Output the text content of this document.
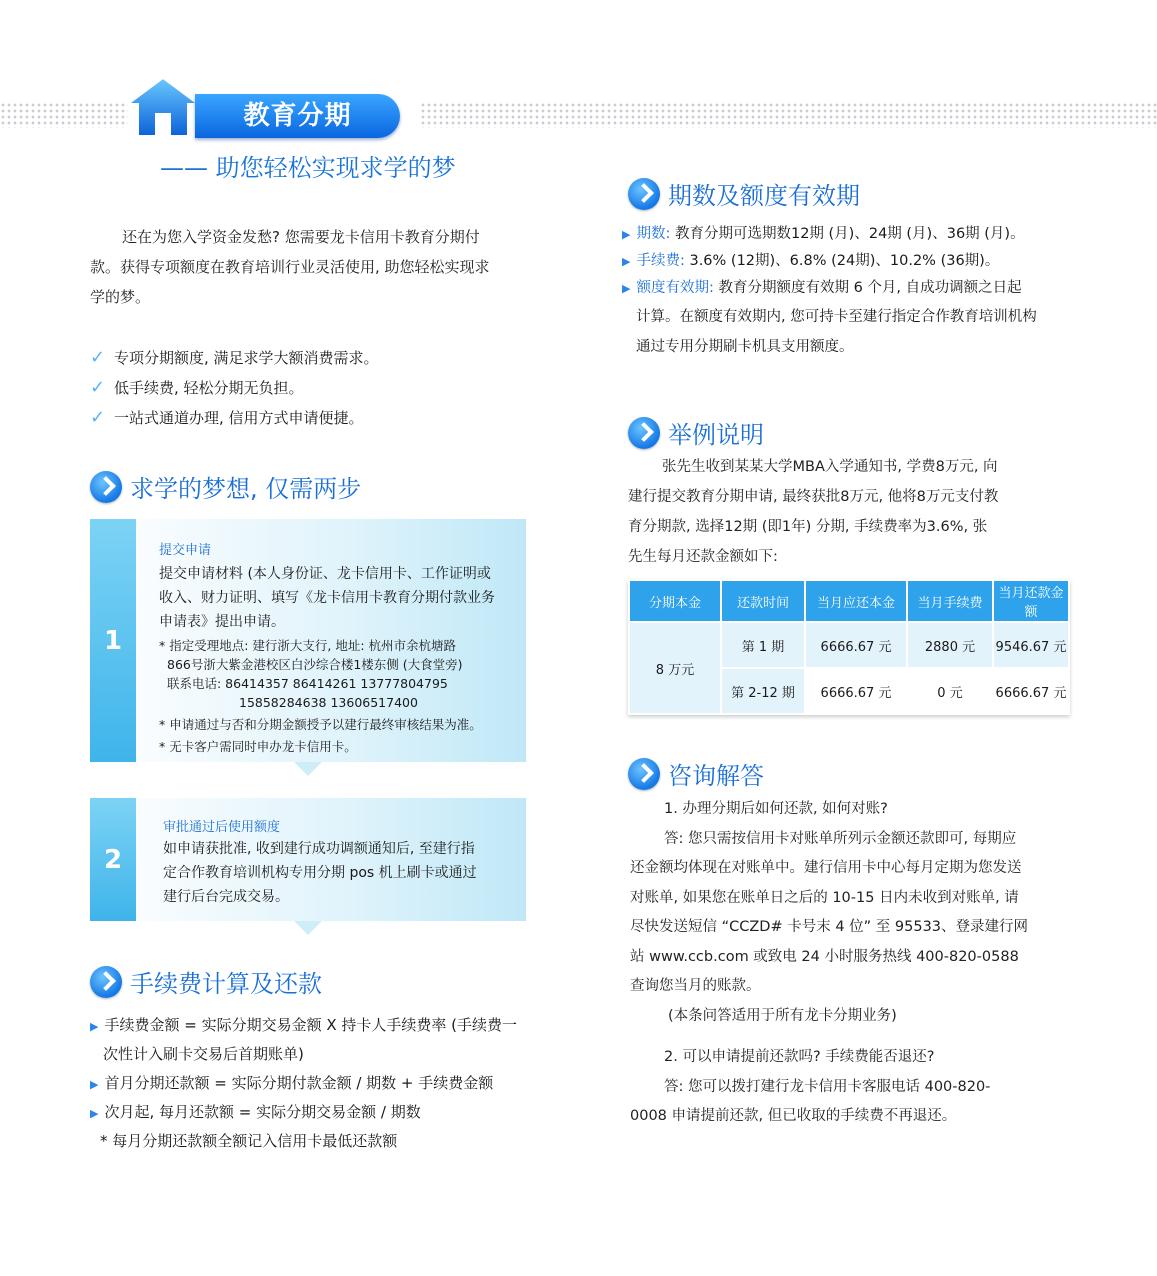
教育分期
—— 助您轻松实现求学的梦
还在为您入学资金发愁? 您需要龙卡信用卡教育分期付
款。获得专项额度在教育培训行业灵活使用, 助您轻松实现求
学的梦。
✓ 专项分期额度, 满足求学大额消费需求。
✓ 低手续费, 轻松分期无负担。
✓ 一站式通道办理, 信用方式申请便捷。
求学的梦想, 仅需两步
1
提交申请
提交申请材料 (本人身份证、龙卡信用卡、工作证明或
收入、财力证明、填写《龙卡信用卡教育分期付款业务
申请表》提出申请。
* 指定受理地点: 建行浙大支行, 地址: 杭州市余杭塘路
866号浙大紫金港校区白沙综合楼1楼东侧 (大食堂旁)
联系电话: 86414357 86414261 13777804795
15858284638 13606517400
* 申请通过与否和分期金额授予以建行最终审核结果为准。
* 无卡客户需同时申办龙卡信用卡。
2
审批通过后使用额度
如申请获批准, 收到建行成功调额通知后, 至建行指
定合作教育培训机构专用分期 pos 机上刷卡或通过
建行后台完成交易。
手续费计算及还款
▶ 手续费金额 = 实际分期交易金额 X 持卡人手续费率 (手续费一
次性计入刷卡交易后首期账单)
▶ 首月分期还款额 = 实际分期付款金额 / 期数 + 手续费金额
▶ 次月起, 每月还款额 = 实际分期交易金额 / 期数
* 每月分期还款额全额记入信用卡最低还款额
期数及额度有效期
▶ 期数: 教育分期可选期数12期 (月)、24期 (月)、36期 (月)。
▶ 手续费: 3.6% (12期)、6.8% (24期)、10.2% (36期)。
▶ 额度有效期: 教育分期额度有效期 6 个月, 自成功调额之日起
计算。在额度有效期内, 您可持卡至建行指定合作教育培训机构
通过专用分期刷卡机具支用额度。
举例说明
张先生收到某某大学MBA入学通知书, 学费8万元, 向
建行提交教育分期申请, 最终获批8万元, 他将8万元支付教
育分期款, 选择12期 (即1年) 分期, 手续费率为3.6%, 张
先生每月还款金额如下:
分期本金	还款时间	当月应还本金	当月手续费	当月还款金额
8 万元	第 1 期	6666.67 元	2880 元	9546.67 元
	第 2-12 期	6666.67 元	0 元	6666.67 元
咨询解答
1. 办理分期后如何还款, 如何对账?
答: 您只需按信用卡对账单所列示金额还款即可, 每期应
还金额均体现在对账单中。建行信用卡中心每月定期为您发送
对账单, 如果您在账单日之后的 10-15 日内未收到对账单, 请
尽快发送短信 “CCZD# 卡号末 4 位” 至 95533、登录建行网
站 www.ccb.com 或致电 24 小时服务热线 400-820-0588
查询您当月的账款。
(本条问答适用于所有龙卡分期业务)
2. 可以申请提前还款吗? 手续费能否退还?
答: 您可以拨打建行龙卡信用卡客服电话 400-820-
0008 申请提前还款, 但已收取的手续费不再退还。
